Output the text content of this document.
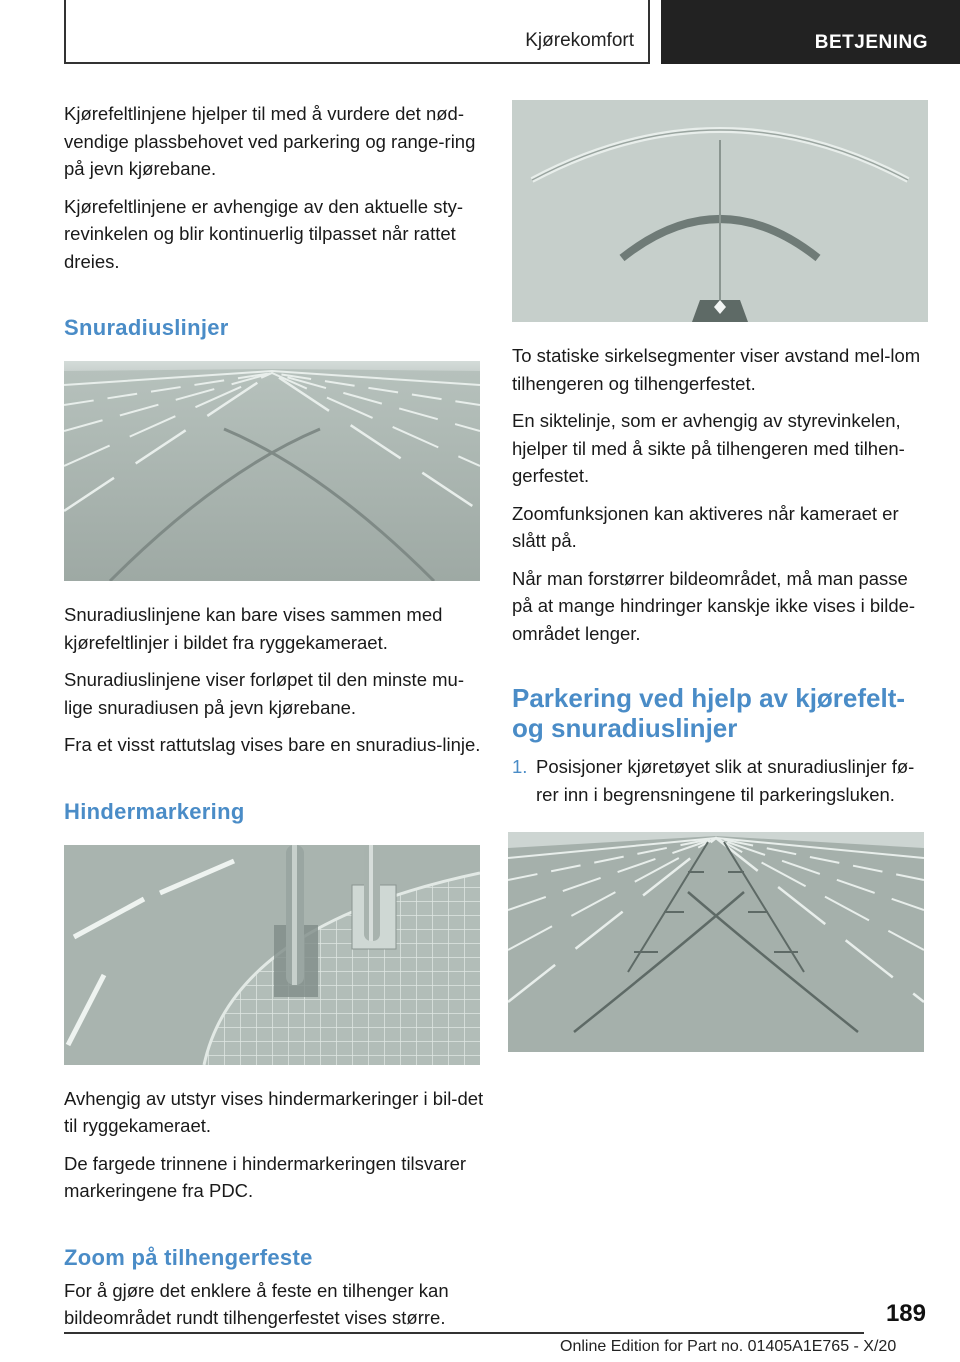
Kjørekomfort	BETJENING

Kjørefeltlinjene hjelper til med å vurdere det nød-vendige plassbehovet ved parkering og range-ring på jevn kjørebane.

Kjørefeltlinjene er avhengige av den aktuelle sty-revinkelen og blir kontinuerlig tilpasset når rattet dreies.

Snuradiuslinjer

Snuradiuslinjene kan bare vises sammen med kjørefeltlinjer i bildet fra ryggekameraet.

Snuradiuslinjene viser forløpet til den minste mu-lige snuradiusen på jevn kjørebane.

Fra et visst rattutslag vises bare en snuradius-linje.

Hindermarkering

Avhengig av utstyr vises hindermarkeringer i bil-det til ryggekameraet.

De fargede trinnene i hindermarkeringen tilsvarer markeringene fra PDC.

Zoom på tilhengerfeste

For å gjøre det enklere å feste en tilhenger kan bildeområdet rundt tilhengerfestet vises større.

To statiske sirkelsegmenter viser avstand mel-lom tilhengeren og tilhengerfestet.

En siktelinje, som er avhengig av styrevinkelen, hjelper til med å sikte på tilhengeren med tilhen-gerfestet.

Zoomfunksjonen kan aktiveres når kameraet er slått på.

Når man forstørrer bildeområdet, må man passe på at mange hindringer kanskje ikke vises i bilde-området lenger.

Parkering ved hjelp av kjørefelt-og snuradiuslinjer
1. Posisjoner kjøretøyet slik at snuradiuslinjer fø-rer inn i begrensningene til parkeringsluken.
189
Online Edition for Part no. 01405A1E765 - X/20
